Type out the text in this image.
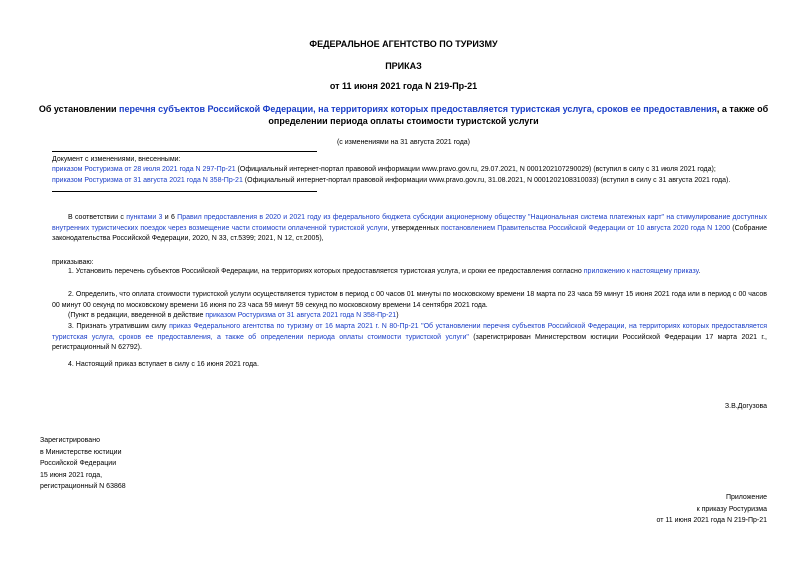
ФЕДЕРАЛЬНОЕ АГЕНТСТВО ПО ТУРИЗМУ
ПРИКАЗ
от 11 июня 2021 года N 219-Пр-21
Об установлении перечня субъектов Российской Федерации, на территориях которых предоставляется туристская услуга, сроков ее предоставления, а также об определении периода оплаты стоимости туристской услуги
(с изменениями на 31 августа 2021 года)
Документ с изменениями, внесенными:
приказом Ростуризма от 28 июля 2021 года N 297-Пр-21 (Официальный интернет-портал правовой информации www.pravo.gov.ru, 29.07.2021, N 0001202107290029) (вступил в силу с 31 июля 2021 года);
приказом Ростуризма от 31 августа 2021 года N 358-Пр-21 (Официальный интернет-портал правовой информации www.pravo.gov.ru, 31.08.2021, N 0001202108310033) (вступил в силу с 31 августа 2021 года).
В соответствии с пунктами 3 и 6 Правил предоставления в 2020 и 2021 году из федерального бюджета субсидии акционерному обществу "Национальная система платежных карт" на стимулирование доступных внутренних туристических поездок через возмещение части стоимости оплаченной туристской услуги, утвержденных постановлением Правительства Российской Федерации от 10 августа 2020 года N 1200 (Собрание законодательства Российской Федерации, 2020, N 33, ст.5399; 2021, N 12, ст.2005),
приказываю:
1. Установить перечень субъектов Российской Федерации, на территориях которых предоставляется туристская услуга, и сроки ее предоставления согласно приложению к настоящему приказу.
2. Определить, что оплата стоимости туристской услуги осуществляется туристом в период с 00 часов 01 минуты по московскому времени 18 марта по 23 часа 59 минут 15 июня 2021 года или в период с 00 часов 00 минут 00 секунд по московскому времени 16 июня по 23 часа 59 минут 59 секунд по московскому времени 14 сентября 2021 года.
(Пункт в редакции, введенной в действие приказом Ростуризма от 31 августа 2021 года N 358-Пр-21)
3. Признать утратившим силу приказ Федерального агентства по туризму от 16 марта 2021 г. N 80-Пр-21 "Об установлении перечня субъектов Российской Федерации, на территориях которых предоставляется туристская услуга, сроков ее предоставления, а также об определении периода оплаты стоимости туристской услуги" (зарегистрирован Министерством юстиции Российской Федерации 17 марта 2021 г., регистрационный N 62792).
4. Настоящий приказ вступает в силу с 16 июня 2021 года.
З.В.Догузова
Зарегистрировано
в Министерстве юстиции
Российской Федерации
15 июня 2021 года,
регистрационный N 63868
Приложение
к приказу Ростуризма
от 11 июня 2021 года N 219-Пр-21
